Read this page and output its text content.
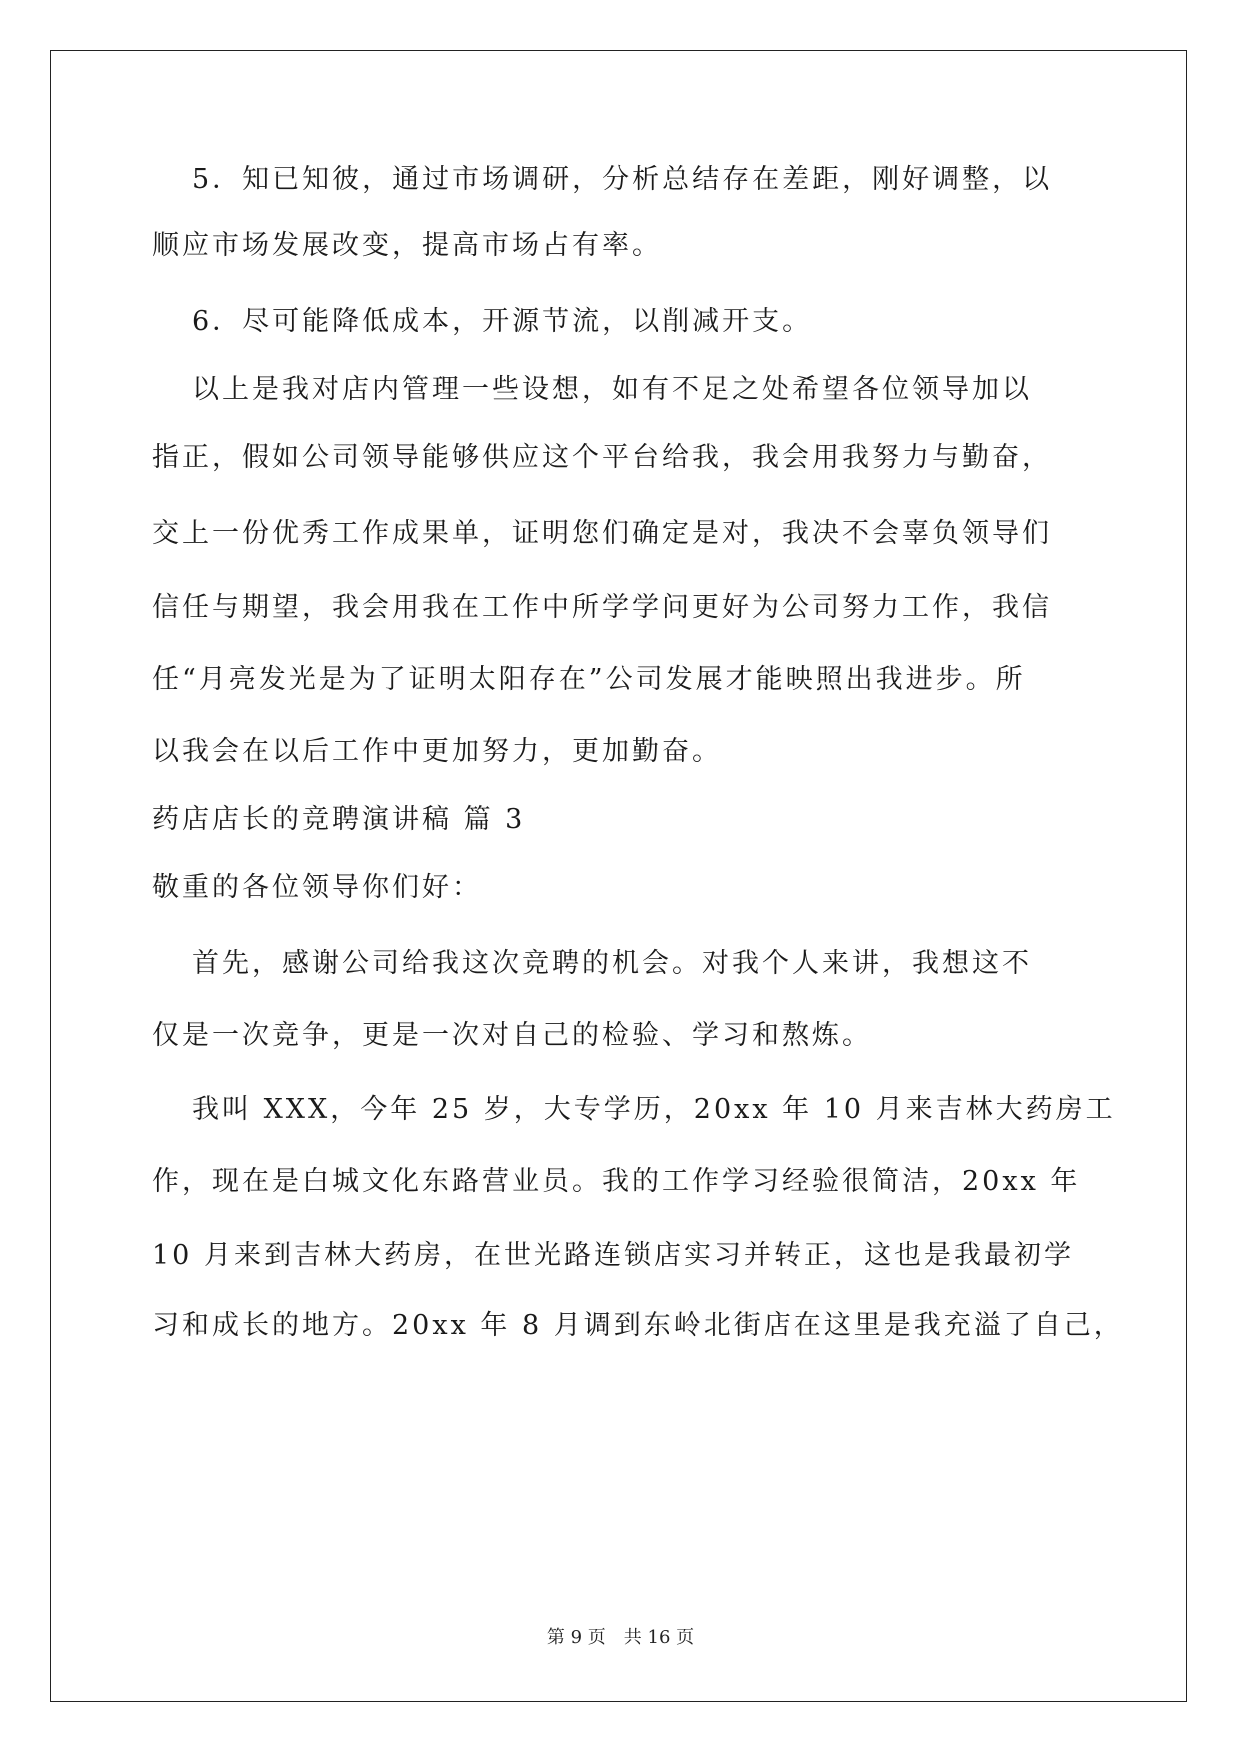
5．知已知彼，通过市场调研，分析总结存在差距，刚好调整，以
顺应市场发展改变，提高市场占有率。
6．尽可能降低成本，开源节流，以削减开支。
以上是我对店内管理一些设想，如有不足之处希望各位领导加以
指正，假如公司领导能够供应这个平台给我，我会用我努力与勤奋，
交上一份优秀工作成果单，证明您们确定是对，我决不会辜负领导们
信任与期望，我会用我在工作中所学学问更好为公司努力工作，我信
任“月亮发光是为了证明太阳存在”公司发展才能映照出我进步。所
以我会在以后工作中更加努力，更加勤奋。
药店店长的竞聘演讲稿 篇 3
敬重的各位领导你们好：
首先，感谢公司给我这次竞聘的机会。对我个人来讲，我想这不
仅是一次竞争，更是一次对自己的检验、学习和熬炼。
我叫 XXX，今年 25 岁，大专学历，20xx 年 10 月来吉林大药房工
作，现在是白城文化东路营业员。我的工作学习经验很简洁，20xx 年
10 月来到吉林大药房，在世光路连锁店实习并转正，这也是我最初学
习和成长的地方。20xx 年 8 月调到东岭北街店在这里是我充溢了自己，
第 9 页　共 16 页
